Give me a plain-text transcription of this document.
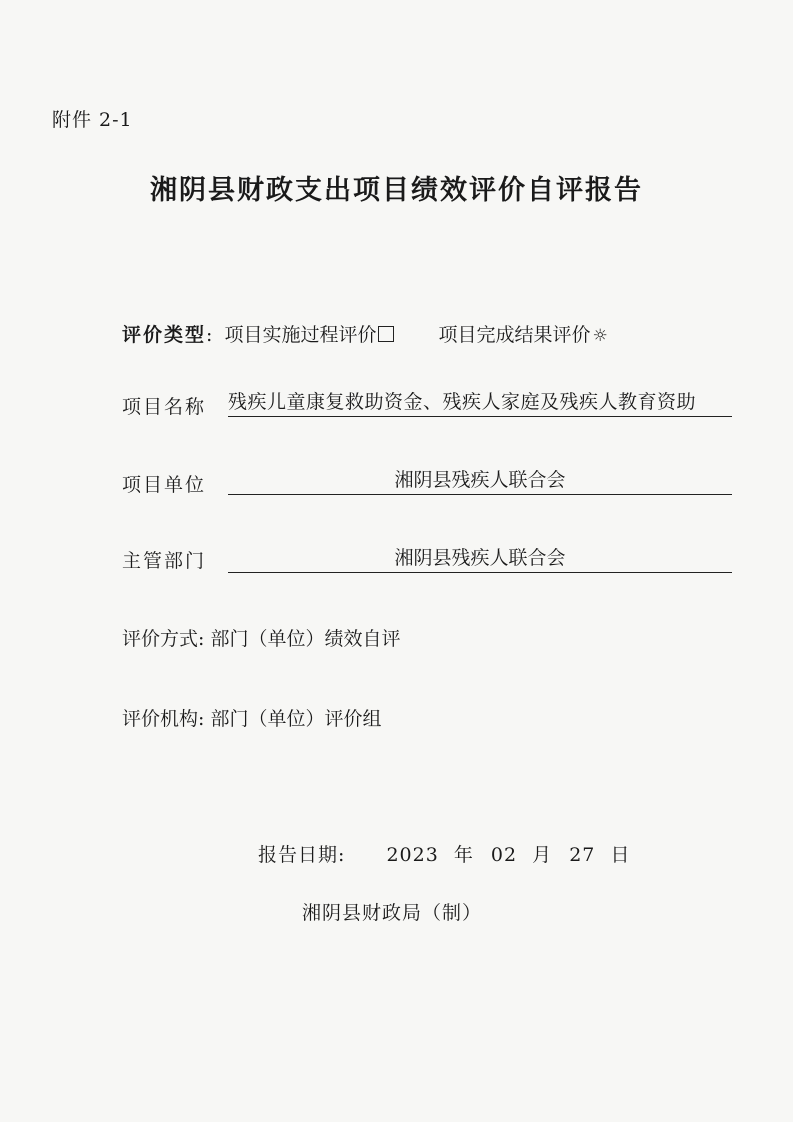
附件 2-1
湘阴县财政支出项目绩效评价自评报告
评价类型: 项目实施过程评价	项目完成结果评价 ☼
项目名称 残疾儿童康复救助资金、残疾人家庭及残疾人教育资助
项目单位	湘阴县残疾人联合会
主管部门	湘阴县残疾人联合会
评价方式: 部门（单位）绩效自评
评价机构: 部门（单位）评价组
报告日期: 2023 年 02 月 27 日
湘阴县财政局（制）
